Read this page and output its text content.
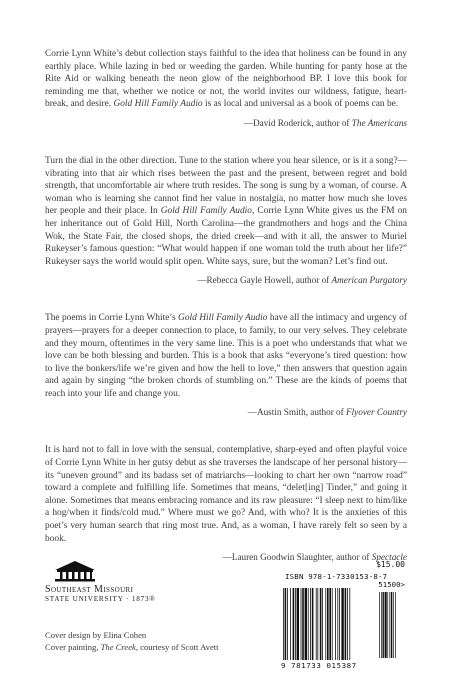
Corrie Lynn White’s debut collection stays faithful to the idea that holiness can be found in any earthly place. While lazing in bed or weeding the garden. While hunting for panty hose at the Rite Aid or walking beneath the neon glow of the neighborhood BP. I love this book for reminding me that, whether we notice or not, the world invites our wildness, fatigue, heart-break, and desire. Gold Hill Family Audio is as local and universal as a book of poems can be.

—David Roderick, author of The Americans

Turn the dial in the other direction. Tune to the station where you hear silence, or is it a song?—vibrating into that air which rises between the past and the present, between regret and bold strength, that uncomfortable air where truth resides. The song is sung by a woman, of course. A woman who is learning she cannot find her value in nostalgia, no matter how much she loves her people and their place. In Gold Hill Family Audio, Corrie Lynn White gives us the FM on her inheritance out of Gold Hill, North Carolina—the grandmothers and hogs and the China Wok, the State Fair, the closed shops, the dried creek—and with it all, the answer to Muriel Rukeyser’s famous question: “What would happen if one woman told the truth about her life?” Rukeyser says the world would split open. White says, sure, but the woman? Let’s find out.

—Rebecca Gayle Howell, author of American Purgatory

The poems in Corrie Lynn White’s Gold Hill Family Audio have all the intimacy and urgency of prayers—prayers for a deeper connection to place, to family, to our very selves. They celebrate and they mourn, oftentimes in the very same line. This is a poet who understands that what we love can be both blessing and burden. This is a book that asks “everyone’s tired question: how to live the bonkers/life we’re given and how the hell to love,” then answers that question again and again by singing “the broken chords of stumbling on.” These are the kinds of poems that reach into your life and change you.

—Austin Smith, author of Flyover Country

It is hard not to fall in love with the sensual, contemplative, sharp-eyed and often playful voice of Corrie Lynn White in her gutsy debut as she traverses the landscape of her personal history—its “uneven ground” and its badass set of matriarchs—looking to chart her own “narrow road” toward a complete and fulfilling life. Sometimes that means, “delet[ing] Tinder,” and going it alone. Sometimes that means embracing romance and its raw pleasure: “I sleep next to him/like a hog/when it finds/cold mud.” Where must we go? And, with who? It is the anxieties of this poet’s very human search that ring most true. And, as a woman, I have rarely felt so seen by a book.

—Lauren Goodwin Slaughter, author of Spectacle
Southeast Missouri
STATE UNIVERSITY · 1873®
Cover design by Elina Cohen
Cover painting, The Creek, courtesy of Scott Avett
$15.00
ISBN 978-1-7330153-8-7
51500>
9 781733 015387
